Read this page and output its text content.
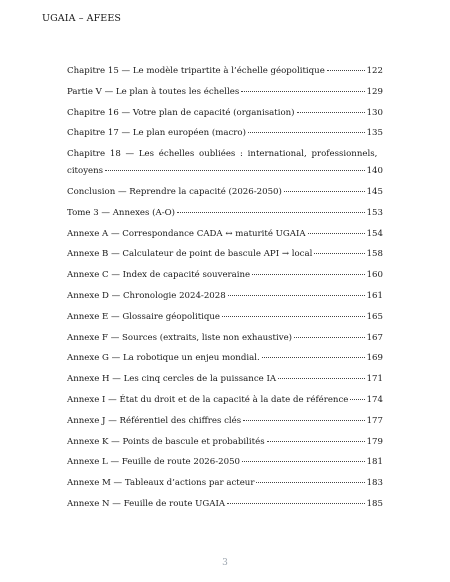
UGAIA – AFEES
Chapitre 15 — Le modèle tripartite à l’échelle géopolitique	122
Partie V — Le plan à toutes les échelles	129
Chapitre 16 — Votre plan de capacité (organisation)	130
Chapitre 17 — Le plan européen (macro)	135
Chapitre 18 — Les échelles oubliées : international, professionnels,
citoyens	140
Conclusion — Reprendre la capacité (2026-2050)	145
Tome 3 — Annexes (A-O)	153
Annexe A — Correspondance CADA ↔ maturité UGAIA	154
Annexe B — Calculateur de point de bascule API → local	158
Annexe C — Index de capacité souveraine	160
Annexe D — Chronologie 2024-2028	161
Annexe E — Glossaire géopolitique	165
Annexe F — Sources (extraits, liste non exhaustive)	167
Annexe G — La robotique un enjeu mondial.	169
Annexe H — Les cinq cercles de la puissance IA	171
Annexe I — État du droit et de la capacité à la date de référence 174
Annexe J — Référentiel des chiffres clés	177
Annexe K — Points de bascule et probabilités	179
Annexe L — Feuille de route 2026-2050	181
Annexe M — Tableaux d’actions par acteur	183
Annexe N — Feuille de route UGAIA	185
3
